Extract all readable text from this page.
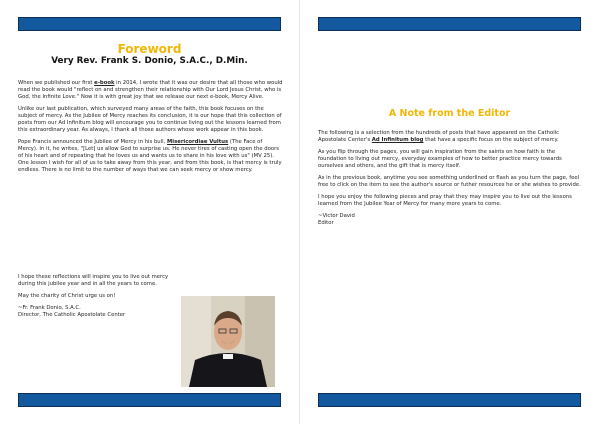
Foreword
Very Rev. Frank S. Donio, S.A.C., D.Min.

When we published our first e-book in 2014, I wrote that it was our desire that all those who would read the book would "reflect on and strengthen their relationship with Our Lord Jesus Christ, who is God, the Infinite Love." Now it is with great joy that we release our next e-book, Mercy Alive.

Unlike our last publication, which surveyed many areas of the faith, this book focuses on the subject of mercy. As the Jubilee of Mercy reaches its conclusion, it is our hope that this collection of posts from our Ad Infinitum blog will encourage you to continue living out the lessons learned from this extraordinary year. As always, I thank all those authors whose work appear in this book.

Pope Francis announced the Jubilee of Mercy in his bull, Misericordiae Vultus (The Face of Mercy). In it, he writes, "[Let] us allow God to surprise us. He never tires of casting open the doors of his heart and of repeating that he loves us and wants us to share in his love with us" (MV 25). One lesson I wish for all of us to take away from this year, and from this book, is that mercy is truly endless. There is no limit to the number of ways that we can seek mercy or show mercy.

I hope these reflections will inspire you to live out mercy during this jubilee year and in all the years to come.

May the charity of Christ urge us on!

~Fr. Frank Donio, S.A.C.

Director, The Catholic Apostolate Center

A Note from the Editor

The following is a selection from the hundreds of posts that have appeared on the Catholic Apostolate Center's Ad Infinitum blog that have a specific focus on the subject of mercy.

As you flip through the pages, you will gain inspiration from the saints on how faith is the foundation to living out mercy, everyday examples of how to better practice mercy towards ourselves and others, and the gift that is mercy itself.

As in the previous book, anytime you see something underlined or flash as you turn the page, feel free to click on the item to see the author's source or futher resources he or she wishes to provide.

I hope you enjoy the following pieces and pray that they may inspire you to live out the lessons learned from the Jubilee Year of Mercy for many more years to come.

~Victor David

Editor
